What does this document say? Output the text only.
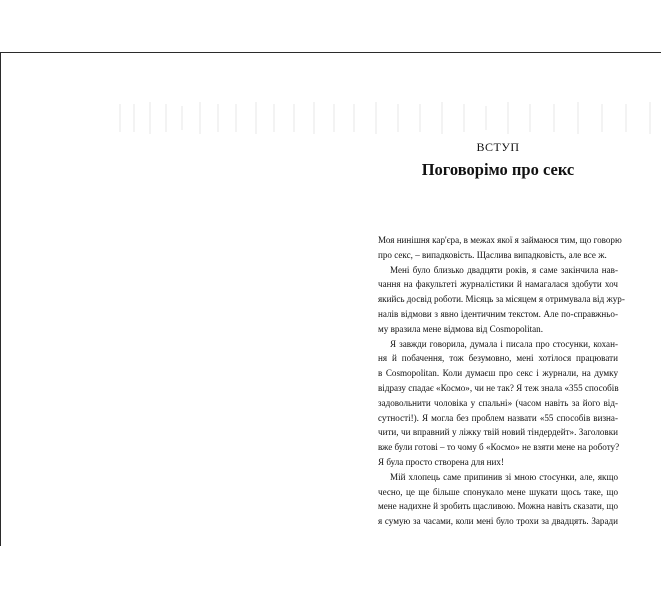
ВСТУП
Поговорімо про секс
Моя нинішня кар'єра, в межах якої я займаюся тим, що говорю
про секс, – випадковість. Щаслива випадковість, але все ж.
Мені було близько двадцяти років, я саме закінчила нав-
чання на факультеті журналістики й намагалася здобути хоч
якийсь досвід роботи. Місяць за місяцем я отримувала від жур-
налів відмови з явно ідентичним текстом. Але по-справжньо-
му вразила мене відмова від Cosmopolitan.
Я завжди говорила, думала і писала про стосунки, кохан-
ня й побачення, тож безумовно, мені хотілося працювати
в Cosmopolitan. Коли думаєш про секс і журнали, на думку
відразу спадає «Космо», чи не так? Я теж знала «355 способів
задовольнити чоловіка у спальні» (часом навіть за його від-
сутності!). Я могла без проблем назвати «55 способів визна-
чити, чи вправний у ліжку твій новий тіндердейт». Заголовки
вже були готові – то чому б «Космо» не взяти мене на роботу?
Я була просто створена для них!
Мій хлопець саме припинив зі мною стосунки, але, якщо
чесно, це ще більше спонукало мене шукати щось таке, що
мене надихне й зробить щасливою. Можна навіть сказати, що
я сумую за часами, коли мені було трохи за двадцять. Заради
